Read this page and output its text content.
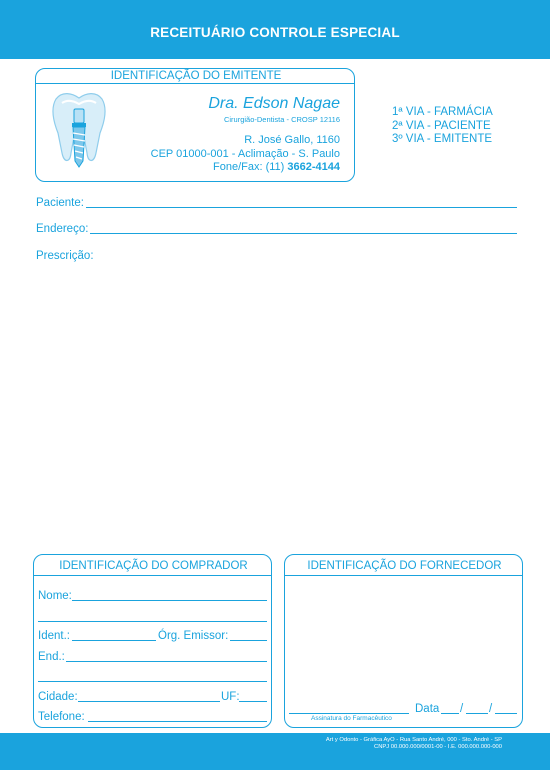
RECEITUÁRIO CONTROLE ESPECIAL
IDENTIFICAÇÃO DO EMITENTE
Dra. Edson Nagae
Cirurgião-Dentista - CROSP 12116
R. José Gallo, 1160
CEP 01000-001 - Aclimação - S. Paulo
Fone/Fax: (11) 3662-4144
1ª VIA - FARMÁCIA
2ª VIA - PACIENTE
3º VIA - EMITENTE
Paciente:
Endereço:
Prescrição:
IDENTIFICAÇÃO DO COMPRADOR
Nome:
Ident.:	Órg. Emissor:
End.:
Cidade:	UF:
Telefone:
IDENTIFICAÇÃO DO FORNECEDOR
Assinatura do Farmacêutico
Data / /
Art y Odonto - Gráfica AyO - Rua Santo André, 000 - Sto. André - SP
CNPJ 00.000.000/0001-00 - I.E. 000.000.000-000
